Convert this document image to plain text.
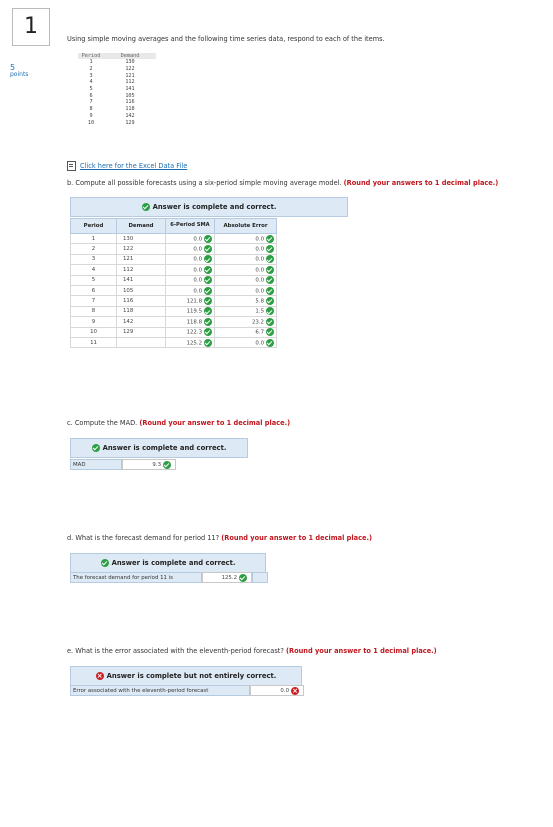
1
5
points
Using simple moving averages and the following time series data, respond to each of the items.
Period	Demand
1	130
2	122
3	121
4	112
5	141
6	105
7	116
8	118
9	142
10	129
Click here for the Excel Data File
b. Compute all possible forecasts using a six-period simple moving average model. (Round your answers to 1 decimal place.)
Answer is complete and correct.
Period	Demand	6-Period SMA	Absolute Error
1	130	0.0	0.0
2	122	0.0	0.0
3	121	0.0	0.0
4	112	0.0	0.0
5	141	0.0	0.0
6	105	0.0	0.0
7	116	121.8	5.8
8	118	119.5	1.5
9	142	118.8	23.2
10	129	122.3	6.7
11		125.2	0.0
c. Compute the MAD. (Round your answer to 1 decimal place.)
Answer is complete and correct.
MAD	9.3
d. What is the forecast demand for period 11? (Round your answer to 1 decimal place.)
Answer is complete and correct.
The forecast demand for period 11 is	125.2
e. What is the error associated with the eleventh-period forecast? (Round your answer to 1 decimal place.)
× Answer is complete but not entirely correct.
Error associated with the eleventh-period forecast	0.0 ×
